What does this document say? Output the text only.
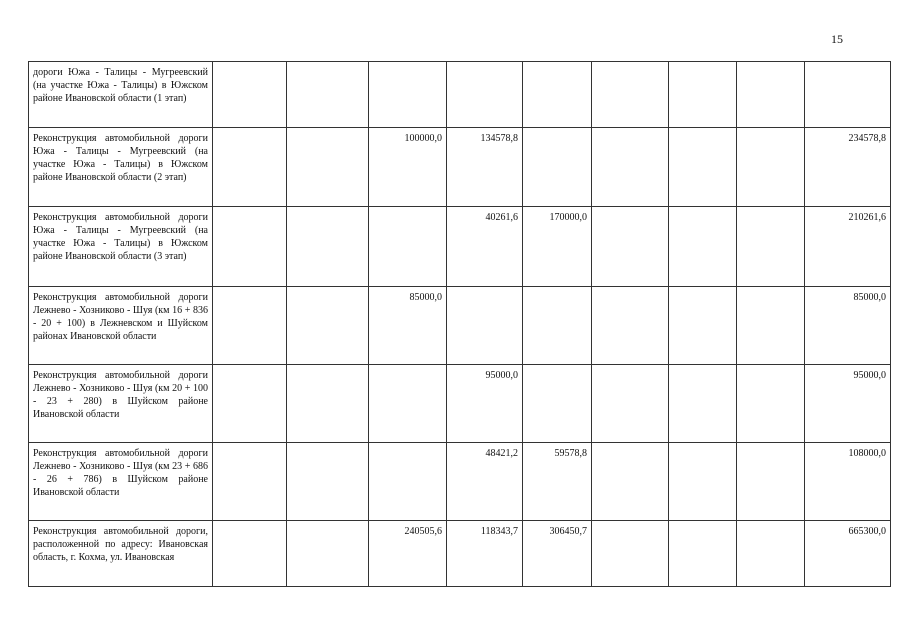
15
дороги Южа - Талицы - Мугреевский (на участке Южа - Талицы) в Южском районе Ивановской области (1 этап)									
Реконструкция автомобильной дороги Южа - Талицы - Мугреевский (на участке Южа - Талицы) в Южском районе Ивановской области (2 этап)			100000,0	134578,8					234578,8
Реконструкция автомобильной дороги Южа - Талицы - Мугреевский (на участке Южа - Талицы) в Южском районе Ивановской области (3 этап)				40261,6	170000,0				210261,6
Реконструкция автомобильной дороги Лежнево - Хозниково - Шуя (км 16 + 836 - 20 + 100) в Лежневском и Шуйском районах Ивановской области			85000,0						85000,0
Реконструкция автомобильной дороги Лежнево - Хозниково - Шуя (км 20 + 100 - 23 + 280) в Шуйском районе Ивановской области				95000,0					95000,0
Реконструкция автомобильной дороги Лежнево - Хозниково - Шуя (км 23 + 686 - 26 + 786) в Шуйском районе Ивановской области				48421,2	59578,8				108000,0
Реконструкция автомобильной дороги, расположенной по адресу: Ивановская область, г. Кохма, ул. Ивановская			240505,6	118343,7	306450,7				665300,0
